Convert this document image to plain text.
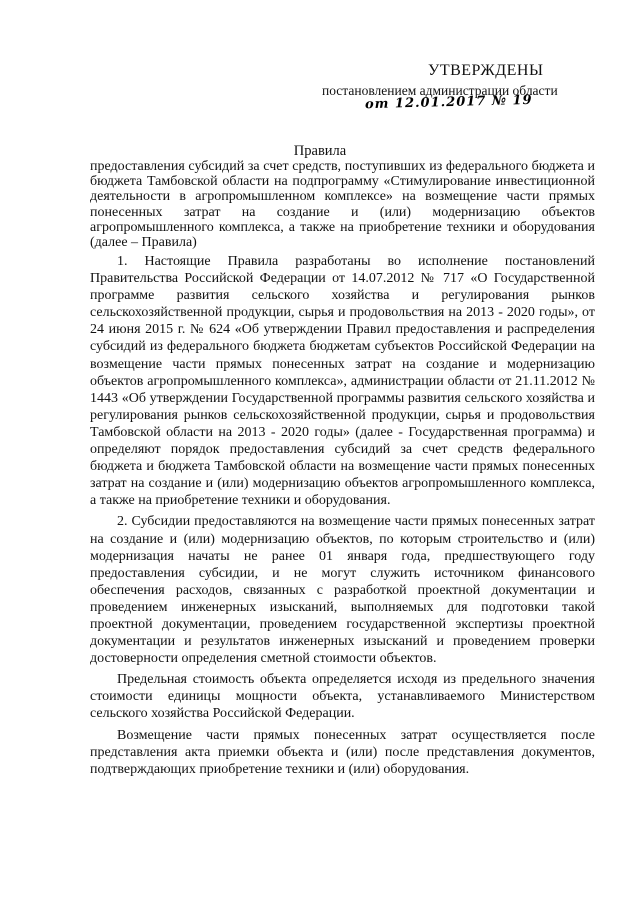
УТВЕРЖДЕНЫ
постановлением администрации области
от 12.01.2017 № 19
Правила
предоставления субсидий за счет средств, поступивших из федерального бюджета и бюджета Тамбовской области на подпрограмму «Стимулирование инвестиционной деятельности в агропромышленном комплексе» на возмещение части прямых понесенных затрат на создание и (или) модернизацию объектов агропромышленного комплекса, а также на приобретение техники и оборудования (далее – Правила)

1. Настоящие Правила разработаны во исполнение постановлений Правительства Российской Федерации от 14.07.2012 № 717 «О Государственной программе развития сельского хозяйства и регулирования рынков сельскохозяйственной продукции, сырья и продовольствия на 2013 - 2020 годы», от 24 июня 2015 г. № 624 «Об утверждении Правил предоставления и распределения субсидий из федерального бюджета бюджетам субъектов Российской Федерации на возмещение части прямых понесенных затрат на создание и модернизацию объектов агропромышленного комплекса», администрации области от 21.11.2012 № 1443 «Об утверждении Государственной программы развития сельского хозяйства и регулирования рынков сельскохозяйственной продукции, сырья и продовольствия Тамбовской области на 2013 - 2020 годы» (далее - Государственная программа) и определяют порядок предоставления субсидий за счет средств федерального бюджета и бюджета Тамбовской области на возмещение части прямых понесенных затрат на создание и (или) модернизацию объектов агропромышленного комплекса, а также на приобретение техники и оборудования.

2. Субсидии предоставляются на возмещение части прямых понесенных затрат на создание и (или) модернизацию объектов, по которым строительство и (или) модернизация начаты не ранее 01 января года, предшествующего году предоставления субсидии, и не могут служить источником финансового обеспечения расходов, связанных с разработкой проектной документации и проведением инженерных изысканий, выполняемых для подготовки такой проектной документации, проведением государственной экспертизы проектной документации и результатов инженерных изысканий и проведением проверки достоверности определения сметной стоимости объектов.

Предельная стоимость объекта определяется исходя из предельного значения стоимости единицы мощности объекта, устанавливаемого Министерством сельского хозяйства Российской Федерации.

Возмещение части прямых понесенных затрат осуществляется после представления акта приемки объекта и (или) после представления документов, подтверждающих приобретение техники и (или) оборудования.
